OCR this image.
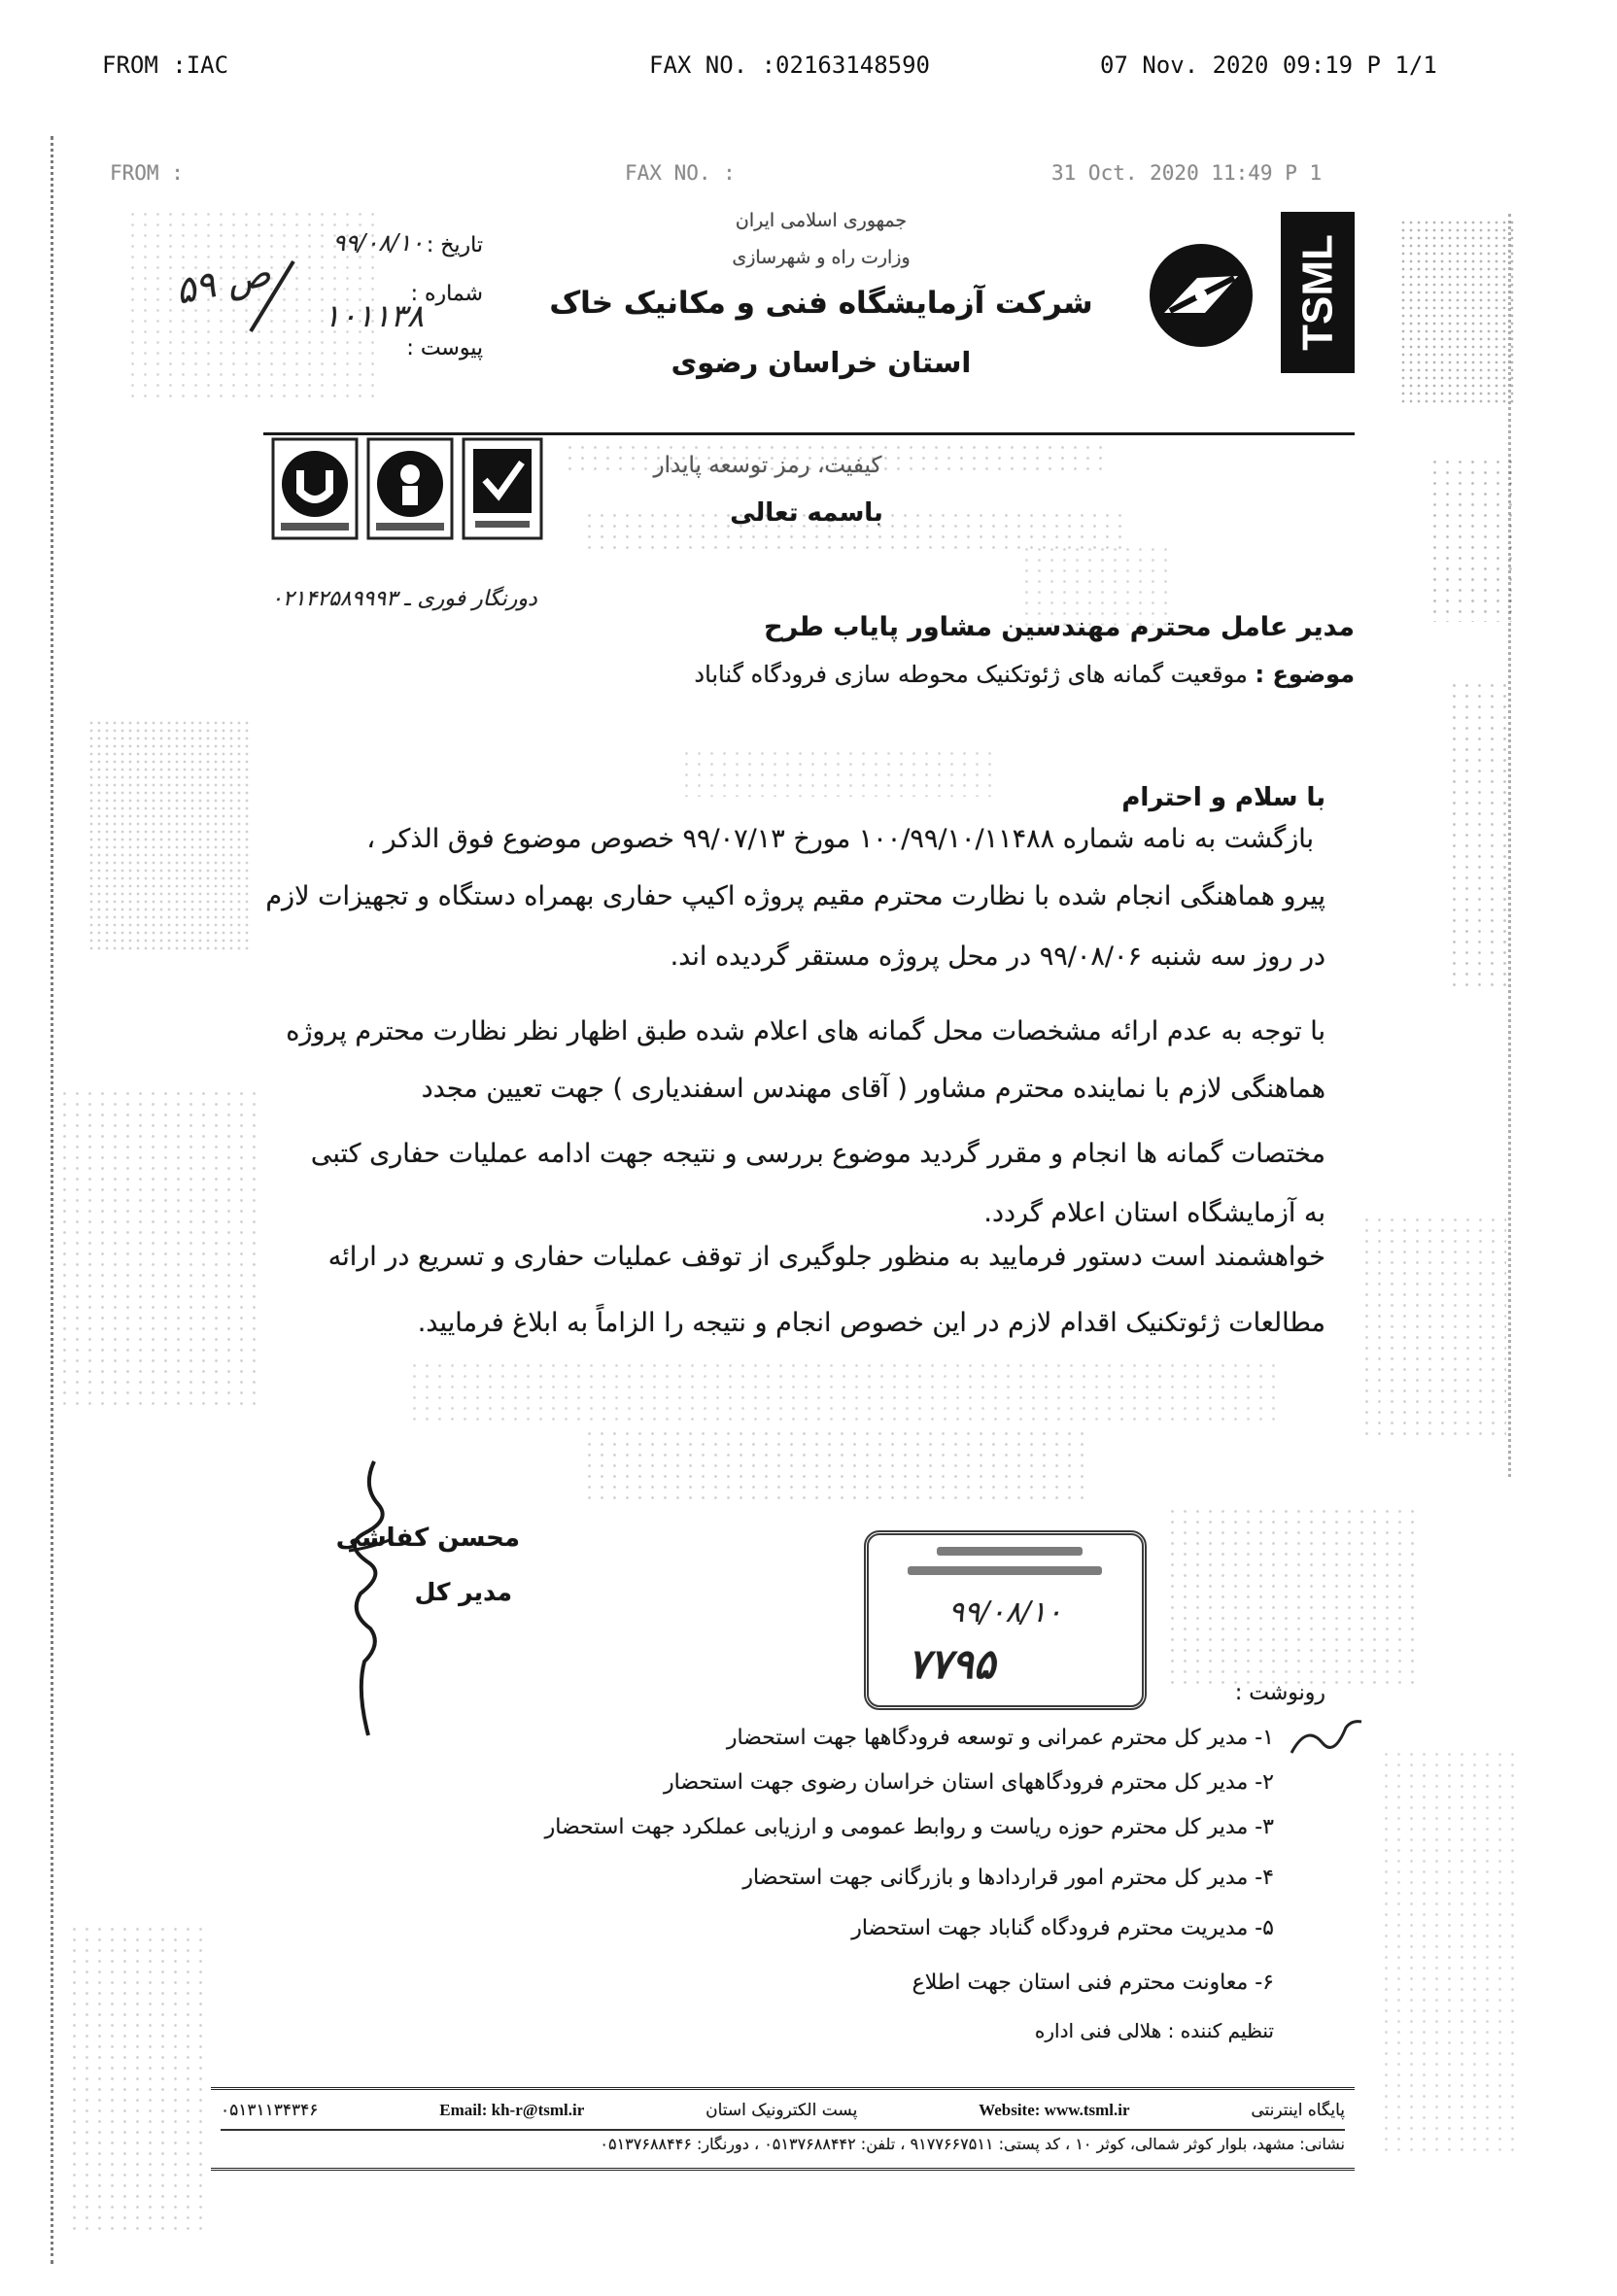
FROM :IAC	FAX NO. :02163148590	07 Nov. 2020 09:19 P 1/1
FROM :	FAX NO. :	31 Oct. 2020 11:49 P 1
جمهوری اسلامی ایران
وزارت راه و شهرسازی
شرکت آزمایشگاه فنی و مکانیک خاک
استان خراسان رضوی
TSML
تاریخ :
۹۹/۰۸/۱۰
شماره :
۱۰۱۱۳۸
پیوست :
ص ۵۹
کیفیت، رمز توسعه پایدار
باسمه تعالی
دورنگار فوری ـ ۰۲۱۴۲۵۸۹۹۹۳
مدیر عامل محترم مهندسین مشاور پایاب طرح
موضوع : موقعیت گمانه های ژئوتکنیک محوطه سازی فرودگاه گناباد
با سلام و احترام
بازگشت به نامه شماره ۱۰۰/۹۹/۱۰/۱۱۴۸۸ مورخ ۹۹/۰۷/۱۳ خصوص موضوع فوق الذکر ،
پیرو هماهنگی انجام شده با نظارت محترم مقیم پروژه اکیپ حفاری بهمراه دستگاه و تجهیزات لازم
در روز سه شنبه ۹۹/۰۸/۰۶ در محل پروژه مستقر گردیده اند.
با توجه به عدم ارائه مشخصات محل گمانه های اعلام شده طبق اظهار نظر نظارت محترم پروژه
هماهنگی لازم با نماینده محترم مشاور ( آقای مهندس اسفندیاری ) جهت تعیین مجدد
مختصات گمانه ها انجام و مقرر گردید موضوع بررسی و نتیجه جهت ادامه عملیات حفاری کتبی
به آزمایشگاه استان اعلام گردد.
خواهشمند است دستور فرمایید به منظور جلوگیری از توقف عملیات حفاری و تسریع در ارائه
مطالعات ژئوتکنیک اقدام لازم در این خصوص انجام و نتیجه را الزاماً به ابلاغ فرمایید.
محسن کفاشی
مدیر کل
۹۹/۰۸/۱۰
۷۷۹۵
رونوشت :
۱- مدیر کل محترم عمرانی و توسعه فرودگاهها جهت استحضار
۲- مدیر کل محترم فرودگاههای استان خراسان رضوی جهت استحضار
۳- مدیر کل محترم حوزه ریاست و روابط عمومی و ارزیابی عملکرد جهت استحضار
۴- مدیر کل محترم امور قراردادها و بازرگانی جهت استحضار
۵- مدیریت محترم فرودگاه گناباد جهت استحضار
۶- معاونت محترم فنی استان جهت اطلاع
تنظیم کننده : هلالی فنی اداره
۰۵۱۳۱۱۳۴۳۴۶	Email: kh-r@tsml.ir	پست الکترونیک استان	Website: www.tsml.ir	پایگاه اینترنتی
نشانی: مشهد، بلوار کوثر شمالی، کوثر ۱۰ ، کد پستی: ۹۱۷۷۶۶۷۵۱۱ ، تلفن: ۰۵۱۳۷۶۸۸۴۴۲ ، دورنگار: ۰۵۱۳۷۶۸۸۴۴۶
